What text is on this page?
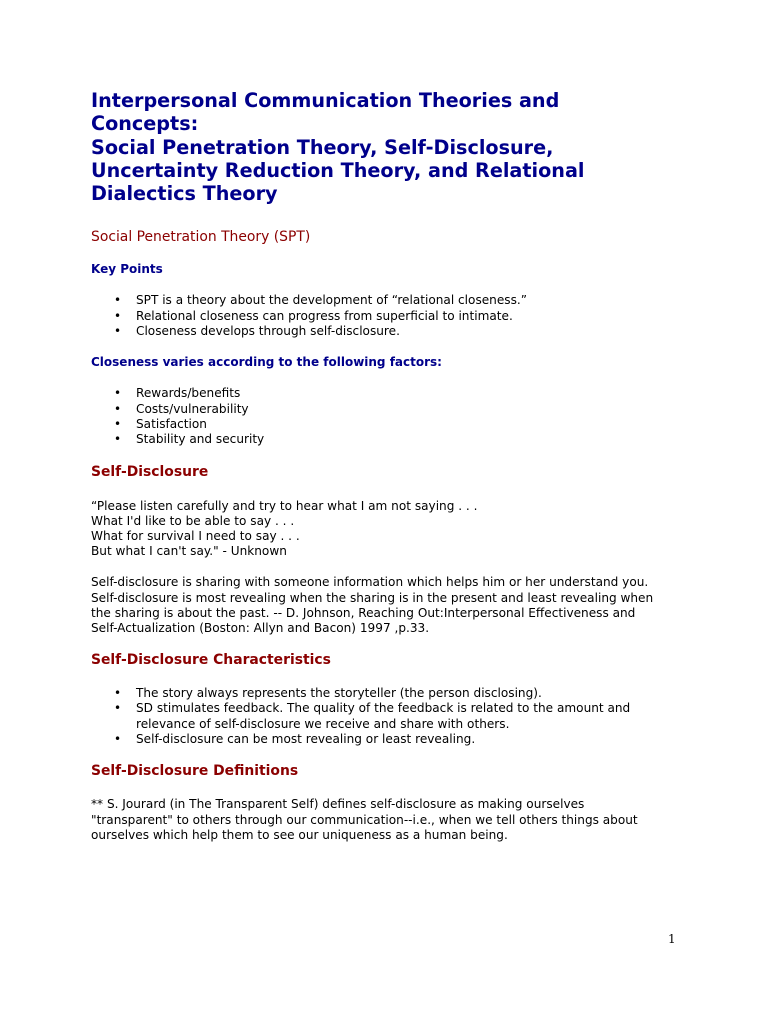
Interpersonal Communication Theories and
Concepts:
Social Penetration Theory, Self-Disclosure,
Uncertainty Reduction Theory, and Relational
Dialectics Theory
Social Penetration Theory (SPT)
Key Points
• SPT is a theory about the development of “relational closeness.”
• Relational closeness can progress from superficial to intimate.
• Closeness develops through self-disclosure.
Closeness varies according to the following factors:
• Rewards/benefits
• Costs/vulnerability
• Satisfaction
• Stability and security
Self-Disclosure

“Please listen carefully and try to hear what I am not saying . . .
What I'd like to be able to say . . .
What for survival I need to say . . .
But what I can't say." - Unknown

Self-disclosure is sharing with someone information which helps him or her understand you.
Self-disclosure is most revealing when the sharing is in the present and least revealing when
the sharing is about the past. -- D. Johnson, Reaching Out:Interpersonal Effectiveness and
Self-Actualization (Boston: Allyn and Bacon) 1997 ,p.33.

Self-Disclosure Characteristics
• The story always represents the storyteller (the person disclosing).
• SD stimulates feedback. The quality of the feedback is related to the amount and
relevance of self-disclosure we receive and share with others.
• Self-disclosure can be most revealing or least revealing.
Self-Disclosure Definitions

** S. Jourard (in The Transparent Self) defines self-disclosure as making ourselves
"transparent" to others through our communication--i.e., when we tell others things about
ourselves which help them to see our uniqueness as a human being.

1
